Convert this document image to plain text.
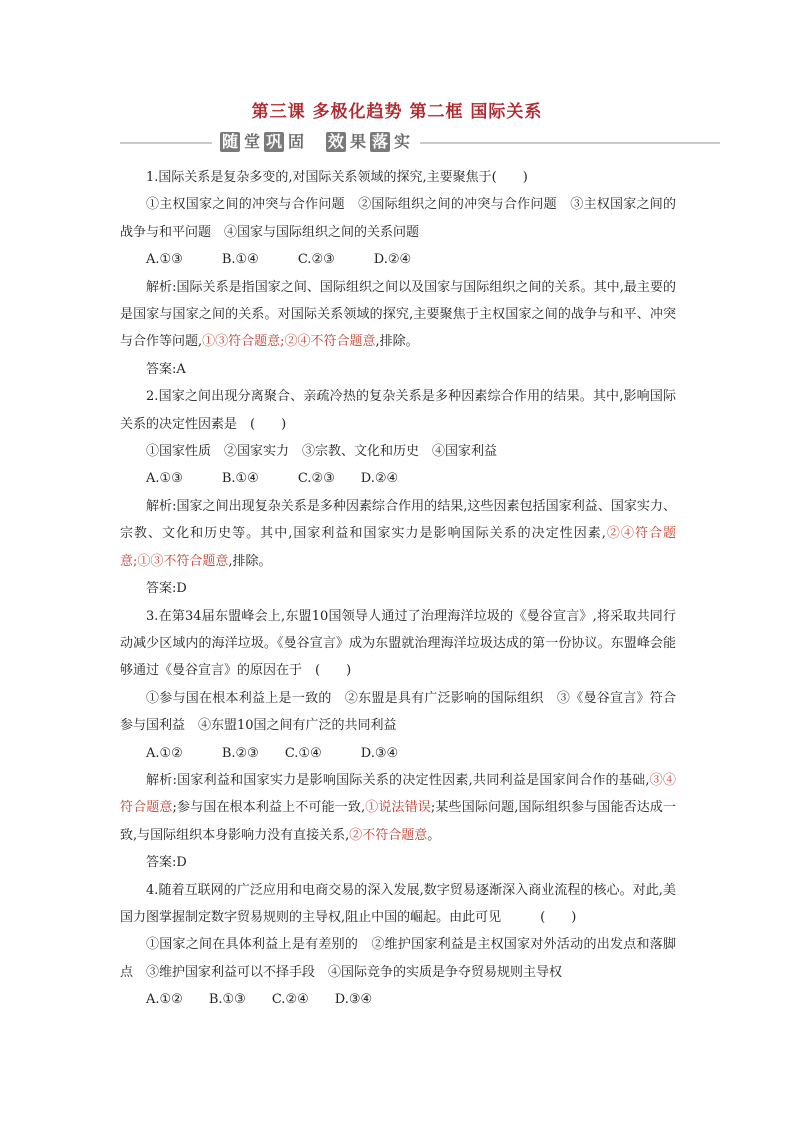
第三课 多极化趋势 第二框 国际关系
随 堂 巩 固 效 果 落 实

1.国际关系是复杂多变的,对国际关系领域的探究,主要聚焦于(　　)

①主权国家之间的冲突与合作问题　②国际组织之间的冲突与合作问题　③主权国家之间的战争与和平问题　④国家与国际组织之间的关系问题

A.①③　　　B.①④　　　C.②③　　　D.②④

解析:国际关系是指国家之间、国际组织之间以及国家与国际组织之间的关系。其中,最主要的是国家与国家之间的关系。对国际关系领域的探究,主要聚焦于主权国家之间的战争与和平、冲突与合作等问题,①③符合题意;②④不符合题意,排除。

答案:A

2.国家之间出现分离聚合、亲疏冷热的复杂关系是多种因素综合作用的结果。其中,影响国际关系的决定性因素是　(　　)

①国家性质　②国家实力　③宗教、文化和历史　④国家利益

A.①③　　　B.①④　　　C.②③　　D.②④

解析:国家之间出现复杂关系是多种因素综合作用的结果,这些因素包括国家利益、国家实力、宗教、文化和历史等。其中,国家利益和国家实力是影响国际关系的决定性因素,②④符合题意;①③不符合题意,排除。

答案:D

3.在第34届东盟峰会上,东盟10国领导人通过了治理海洋垃圾的《曼谷宣言》,将采取共同行动减少区域内的海洋垃圾。《曼谷宣言》成为东盟就治理海洋垃圾达成的第一份协议。东盟峰会能够通过《曼谷宣言》的原因在于　(　　)

①参与国在根本利益上是一致的　②东盟是具有广泛影响的国际组织　③《曼谷宣言》符合参与国利益　④东盟10国之间有广泛的共同利益

A.①②　　　B.②③　　C.①④　　　D.③④

解析:国家利益和国家实力是影响国际关系的决定性因素,共同利益是国家间合作的基础,③④符合题意;参与国在根本利益上不可能一致,①说法错误;某些国际问题,国际组织参与国能否达成一致,与国际组织本身影响力没有直接关系,②不符合题意。

答案:D

4.随着互联网的广泛应用和电商交易的深入发展,数字贸易逐渐深入商业流程的核心。对此,美国力图掌握制定数字贸易规则的主导权,阻止中国的崛起。由此可见　　　(　　)

①国家之间在具体利益上是有差别的　②维护国家利益是主权国家对外活动的出发点和落脚点　③维护国家利益可以不择手段　④国际竞争的实质是争夺贸易规则主导权

A.①②　　B.①③　　C.②④　　D.③④
